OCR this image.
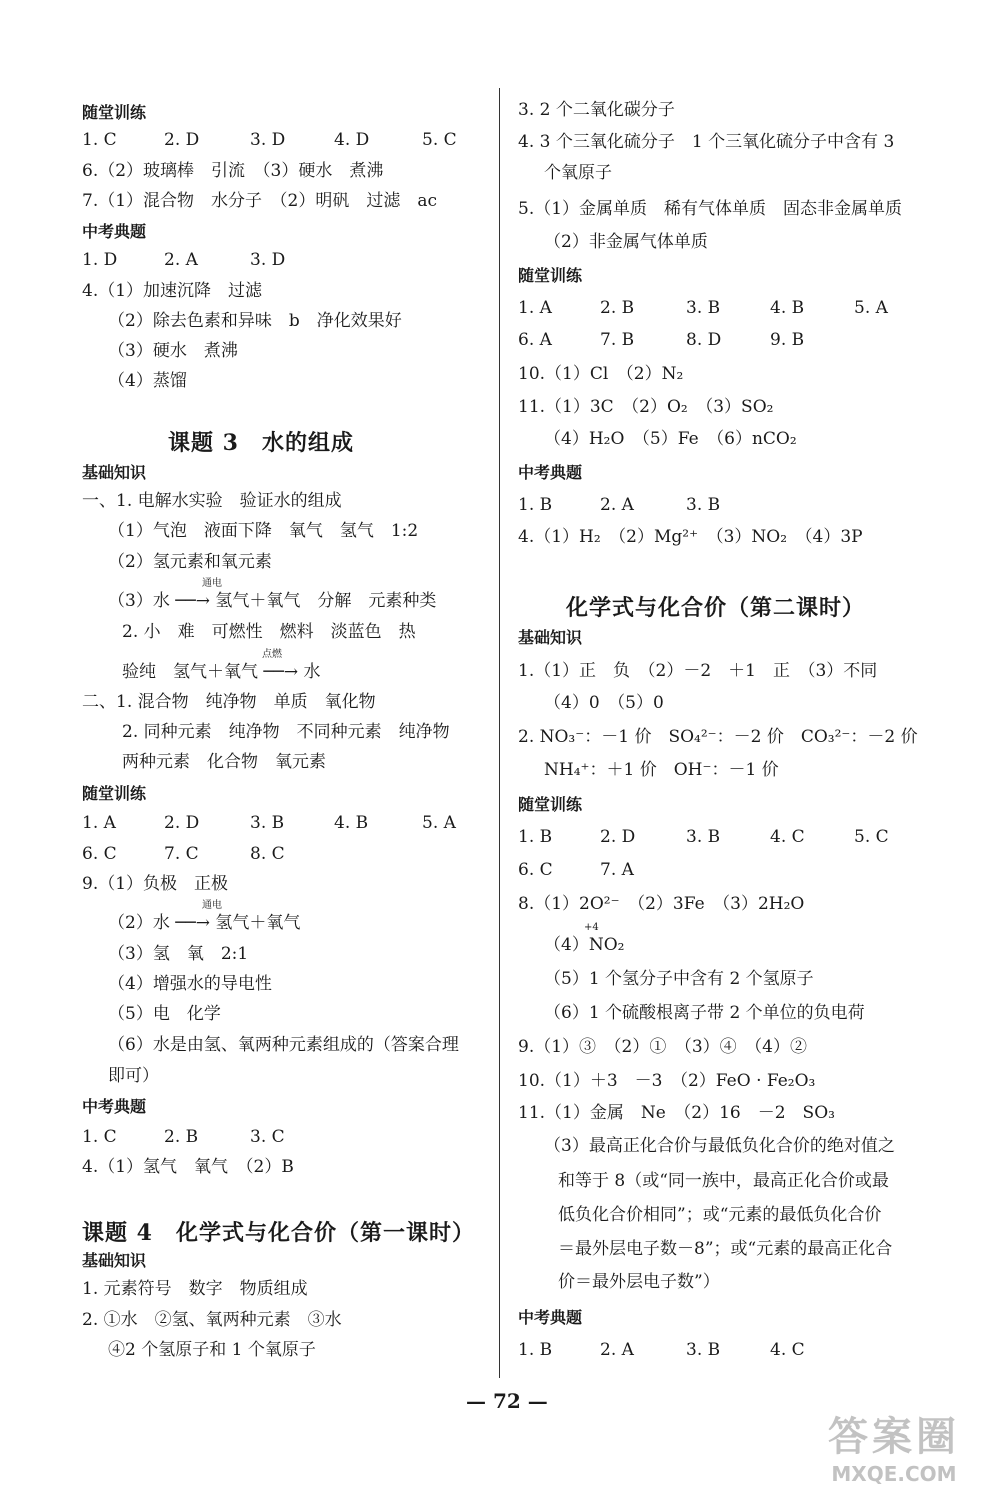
随堂训练
1. C	2. D	3. D	4. D	5. C
6.（2）玻璃棒　引流　（3）硬水　煮沸
7.（1）混合物　水分子　（2）明矾　过滤　ac
中考典题
1. D	2. A	3. D
4.（1）加速沉降　过滤
（2）除去色素和异味　b　净化效果好
（3）硬水　煮沸
（4）蒸馏
课题 3　水的组成
基础知识
一、1. 电解水实验　验证水的组成
（1）气泡　液面下降　氧气　氢气　1:2
（2）氢元素和氧元素
（3）水 ──→ 氢气＋氧气　分解　元素种类
通电
2. 小　难　可燃性　燃料　淡蓝色　热
验纯　氢气＋氧气 ──→ 水
点燃
二、1. 混合物　纯净物　单质　氧化物
2. 同种元素　纯净物　不同种元素　纯净物
两种元素　化合物　氧元素
随堂训练
1. A	2. D	3. B	4. B	5. A
6. C	7. C	8. C
9.（1）负极　正极
（2）水 ──→ 氢气＋氧气
通电
（3）氢　氧　2:1
（4）增强水的导电性
（5）电　化学
（6）水是由氢、氧两种元素组成的（答案合理
即可）
中考典题
1. C	2. B	3. C
4.（1）氢气　氧气　（2）B
课题 4　化学式与化合价（第一课时）
基础知识
1. 元素符号　数字　物质组成
2. ①水　②氢、氧两种元素　③水
④2 个氢原子和 1 个氧原子
3. 2 个二氧化碳分子
4. 3 个三氧化硫分子　1 个三氧化硫分子中含有 3
个氧原子
5.（1）金属单质　稀有气体单质　固态非金属单质
（2）非金属气体单质
随堂训练
1. A	2. B	3. B	4. B	5. A
6. A	7. B	8. D	9. B
10.（1）Cl　（2）N₂
11.（1）3C　（2）O₂　（3）SO₂
（4）H₂O　（5）Fe　（6）nCO₂
中考典题
1. B	2. A	3. B
4.（1）H₂　（2）Mg²⁺　（3）NO₂　（4）3P
化学式与化合价（第二课时）
基础知识
1.（1）正　负　（2）－2　＋1　正　（3）不同
（4）0　（5）0
2. NO₃⁻：－1 价　SO₄²⁻：－2 价　CO₃²⁻：－2 价
NH₄⁺：＋1 价　OH⁻：－1 价
随堂训练
1. B	2. D	3. B	4. C	5. C
6. C	7. A
8.（1）2O²⁻　（2）3Fe　（3）2H₂O
（4）NO₂
+4
（5）1 个氢分子中含有 2 个氢原子
（6）1 个硫酸根离子带 2 个单位的负电荷
9.（1）③　（2）①　（3）④　（4）②
10.（1）＋3　－3　（2）FeO · Fe₂O₃
11.（1）金属　Ne　（2）16　－2　SO₃
（3）最高正化合价与最低负化合价的绝对值之
和等于 8（或“同一族中，最高正化合价或最
低负化合价相同”；或“元素的最低负化合价
＝最外层电子数－8”；或“元素的最高正化合
价＝最外层电子数”）
中考典题
1. B	2. A	3. B	4. C
— 72 —
答案圈
MXQE.COM
